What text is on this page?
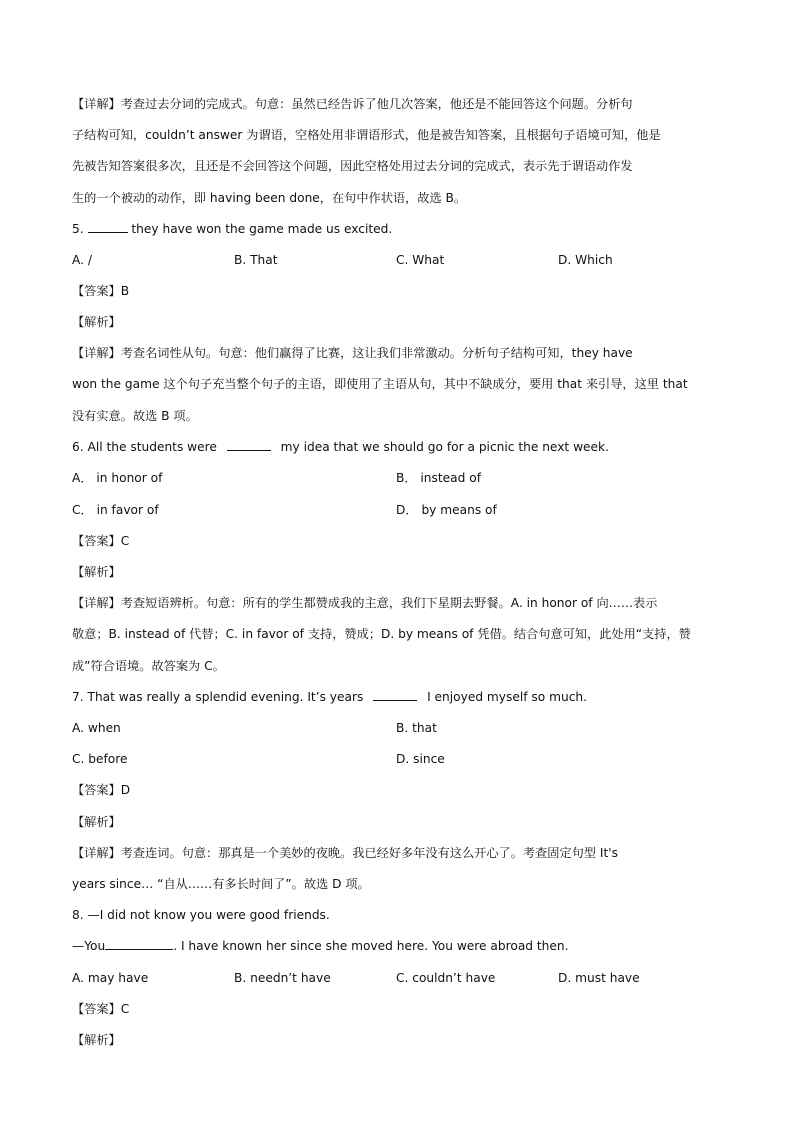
【详解】考查过去分词的完成式。句意：虽然已经告诉了他几次答案，他还是不能回答这个问题。分析句
子结构可知，couldn’t answer 为谓语，空格处用非谓语形式，他是被告知答案，且根据句子语境可知，他是
先被告知答案很多次，且还是不会回答这个问题，因此空格处用过去分词的完成式，表示先于谓语动作发
生的一个被动的动作，即 having been done，在句中作状语，故选 B。
5.	they have won the game made us excited.
A. /	B. That	C. What	D. Which
【答案】B
【解析】
【详解】考查名词性从句。句意：他们赢得了比赛，这让我们非常激动。分析句子结构可知，they have
won the game 这个句子充当整个句子的主语，即使用了主语从句，其中不缺成分，要用 that 来引导，这里 that
没有实意。故选 B 项。
6. All the students were	my idea that we should go for a picnic the next week.
A． in honor of	B． instead of
C． in favor of	D． by means of
【答案】C
【解析】
【详解】考查短语辨析。句意：所有的学生都赞成我的主意，我们下星期去野餐。A. in honor of 向……表示
敬意；B. instead of 代替；C. in favor of 支持，赞成；D. by means of 凭借。结合句意可知，此处用“支持，赞
成”符合语境。故答案为 C。
7. That was really a splendid evening. It’s years	I enjoyed myself so much.
A. when	B. that
C. before	D. since
【答案】D
【解析】
【详解】考查连词。句意：那真是一个美妙的夜晚。我已经好多年没有这么开心了。考查固定句型 It's
years since… “自从……有多长时间了”。故选 D 项。
8. —I did not know you were good friends.
—You	. I have known her since she moved here. You were abroad then.
A. may have	B. needn’t have	C. couldn’t have	D. must have
【答案】C
【解析】
